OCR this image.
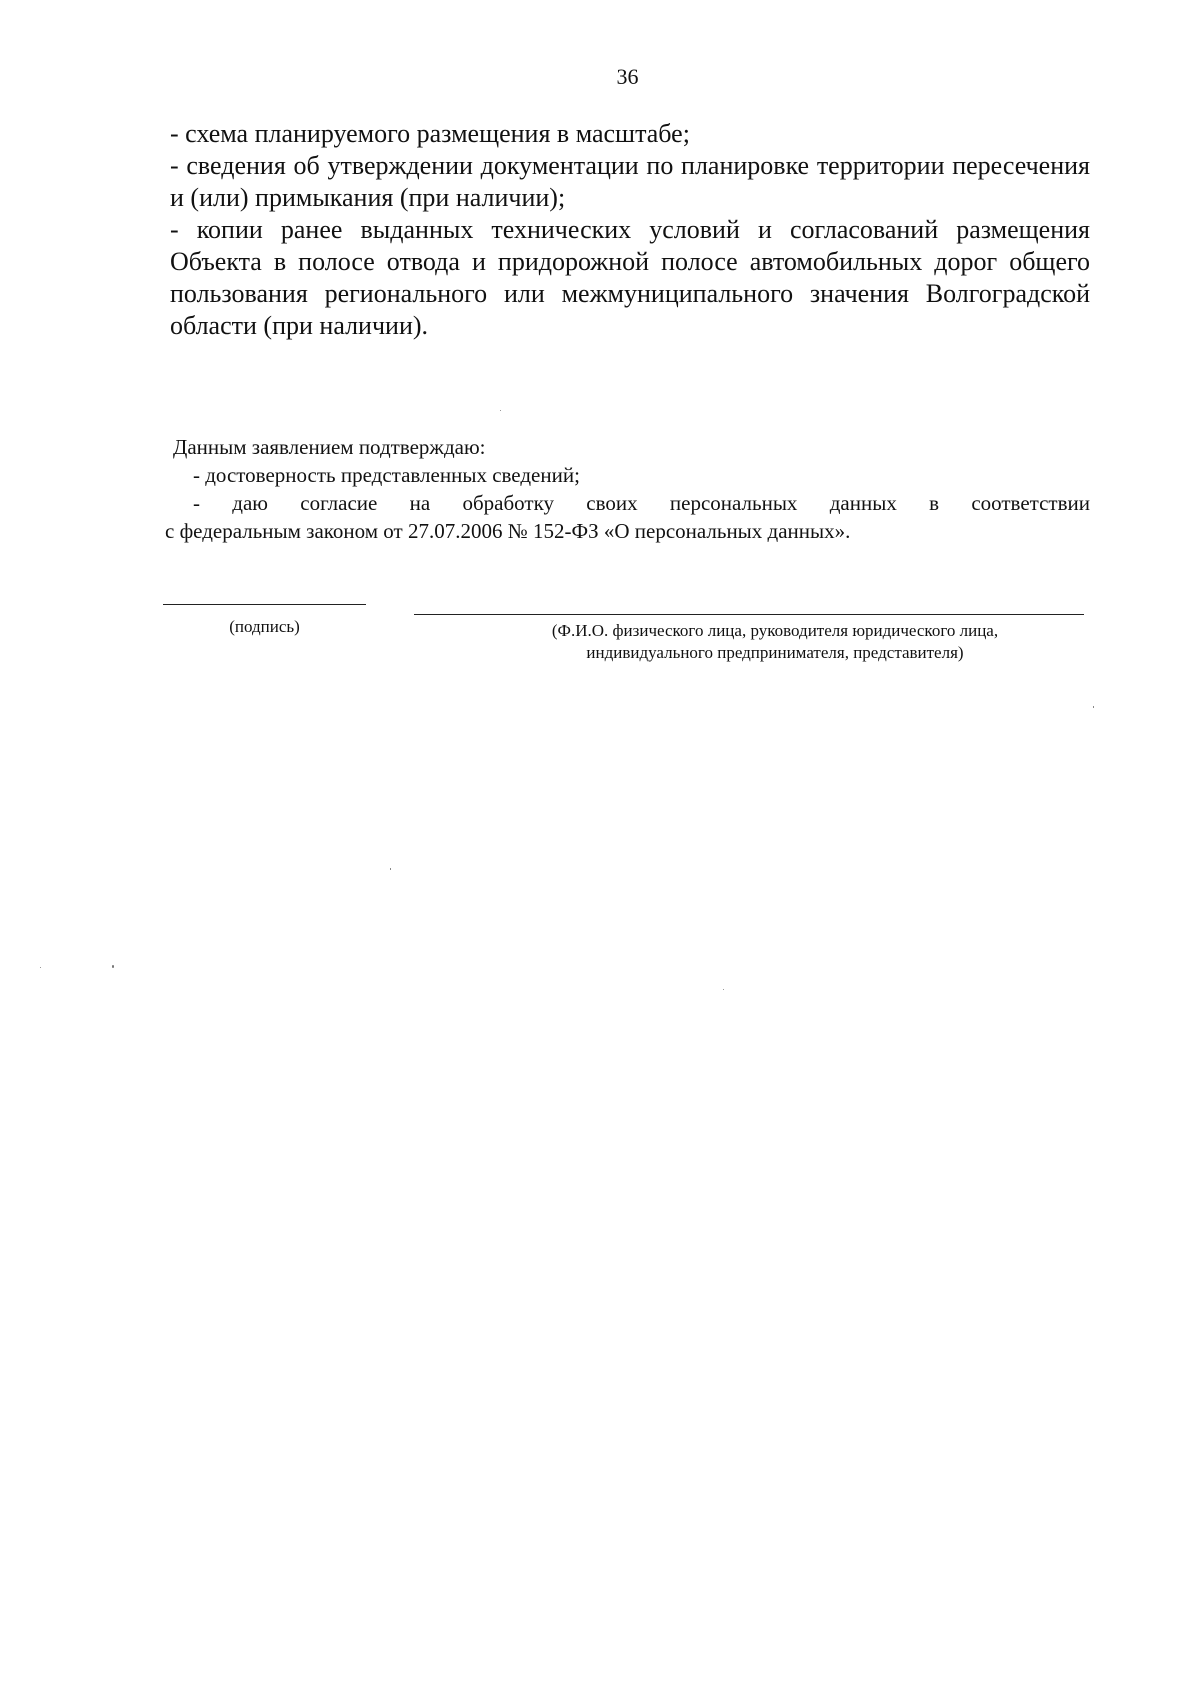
36

- схема планируемого размещения в масштабе;

- сведения об утверждении документации по планировке территории пересечения и (или) примыкания (при наличии);

- копии ранее выданных технических условий и согласований размещения Объекта в полосе отвода и придорожной полосе автомобильных дорог общего пользования регионального или межмуниципального значения Волгоградской области (при наличии).

Данным заявлением подтверждаю:

- достоверность представленных сведений;

- даю согласие на обработку своих персональных данных в соответствии
с федеральным законом от 27.07.2006 № 152-ФЗ «О персональных данных».

(подпись)	(Ф.И.О. физического лица, руководителя юридического лица,
индивидуального предпринимателя, представителя)
